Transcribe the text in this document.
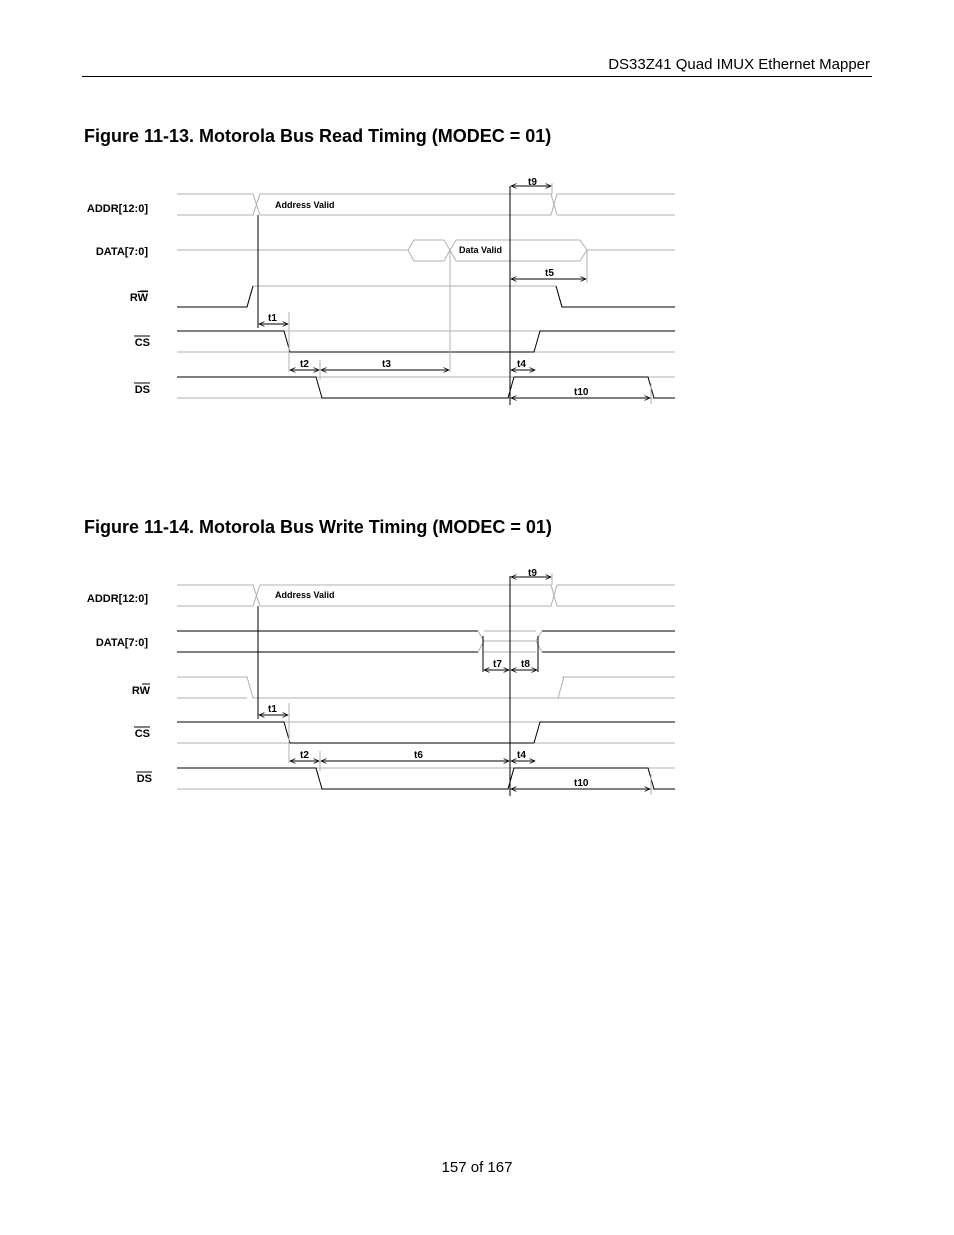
DS33Z41 Quad IMUX Ethernet Mapper
Figure 11-13. Motorola Bus Read Timing (MODEC = 01)
ADDR[12:0]
DATA[7:0]
RW
CS
DS
Address Valid
Data Valid
t9
t5
t1
t2	t3	t4
t10
Figure 11-14. Motorola Bus Write Timing (MODEC = 01)
ADDR[12:0]
DATA[7:0]
RW
CS
DS
Address Valid
t9
t7 t8
t1
t2	t6	t4
t10
157 of 167
